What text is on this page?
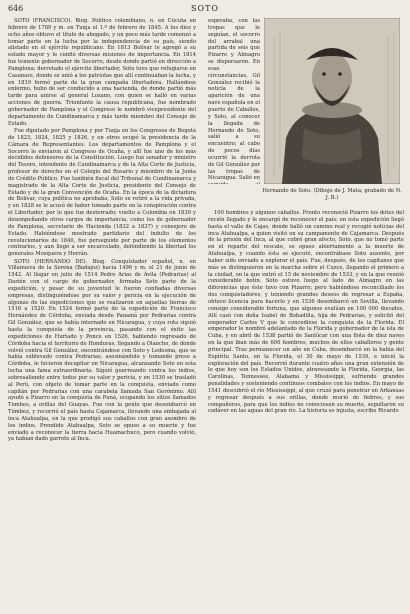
646	SOTO

SOTO (FRANCISCO). Biog. Político colombiano, n. en Cúcuta en febrero de 1789 y m. en Tunja el 1.º de febrero de 1845. A los diez y ocho años obtuvo el título de abogado, y un poco más tarde comenzó a tomar parte en la lucha por la independencia de su país, siendo alistado en el ejército republicano. En 1813 Bolívar le agregó a su estado mayor y le confió diversas misiones de importancia. En 1814 fue teniente gobernador de Socorro, desde donde partió en dirección a Pamplona; derrotado el ejército libertador, Soto tuvo que refugiarse en Casanare, donde se unió a los patriotas que allí continuaban la lucha, y en 1819 formó parte de la gran campaña libertadora. Hallándose enfermo, hubo de ser conducido a una hacienda, de donde partió más tarde para unirse al general Lozano, con quien se halló en varias acciones de guerra. Triunfante la causa republicana, fue nombrado gobernador de Pamplona y el Congreso le nombró vicepresidente del departamento de Cundinamarca y más tarde miembro del Consejo de Estado.

Fue diputado por Pamplona y por Tunja en los Congresos de Bogotá de 1823, 1824, 1825 y 1826, y en otros ocupó la presidencia de la Cámara de Representantes. Los departamentos de Pamplona y el Socorro le enviaron al Congreso de Ocaña, y allí fue uno de los más decididos defensores de la Constitución. Luego fue senador y ministro del Tesoro, intendente de Cundinamarca y de la Alta Corte de Justicia, profesor de derecho en el Colegio del Rosario y miembro de la Junta de Crédito Público. Fue también fiscal del Tribunal de Cundinamarca y magistrado de la Alta Corte de Justicia, presidente del Consejo de Estado y de la gran Convención de Ocaña. En la época de la dictadura de Bolívar, cuya política no aprobaba, Soto se retiró a la vida privada, y en 1828 se le acusó de haber tomado parte en la conspiración contra el Libertador, por lo que fue desterrado; vuelto a Colombia en 1830 y desempeñando otros cargos de importancia, como los de gobernador de Pamplona, secretario de Hacienda (1832 a 1837) y consejero de Estado. Habiéndose mostrado partidario del indulto de los revolucionarios de 1840, fue perseguido por parte de los elementos contrarios, y aun llegó a ser encarcelado, defendiendo la libertad los generales Mosquera y Herrán.

SOTO (HERNANDO DE). Biog. Conquistador español, n. en Villanueva de la Serena (Badajoz) hacia 1496 y m. el 21 de junio de 1542. Al llegar en julio de 1514 Pedro Arias de Ávila (Pedrarias) al Darién con el cargo de gobernador, formaba Soto parte de la expedición, y pesar de su juventud le fueron confiadas diversas empresas, distinguiéndose por su valor y pericia en la ejecución de algunas de las expediciones que se realizaron en aquellas tierras de 1516 a 1520. En 1524 formó parte de la expedición de Francisco Hernández de Córdoba, enviada desde Panamá por Pedrarias contra Gil González, que se había internado en Nicaragua, y cuya ruta siguió hasta la conquista de la provincia, pasando con el éxito las expediciones de Hurtado y Ponce en 1526, habiendo regresado de Córdoba hacia el territorio de Honduras, llegando a Olancho, de donde volvió contra Gil González, encontrándose con Soto y Ledesma, que se había sublevado contra Pedrarias, asesinándolo y tomando preso a Córdoba, le hicieron decapitar en Nicaragua, alcanzando Soto en esta lucha una fama extraordinaria. Siguió guerreando contra los indios, sobresaliendo entre todos por su valor y pericia, y en 1530 se trasladó al Perú, con objeto de tomar parte en la conquista, enviado como capitán por Pedrarias con una carabela llamada San Gerónimo. Allí ayudó a Pizarro en la conquista de Puná, ocupando los sitios llamados Tumbes, a orillas del Guayas. Fue con la gente que desembarcó en Túmbez, y recorrió el país hasta Cajamarca, llevando una embajada al inca Atahualpa, en la que prodigó sus caballos con gran asombro de los indios. Prendido Atahualpa, Soto se opuso a su muerte y fue enviado a reconocer la tierra hacia Huamachuco, pero cuando volvió, ya habían dado garrote al Inca.

esperaba, con las tropas que le seguían, el socorro del arrabal una partida de seis que Pizarro y Almagro se dispersaron. En esas circunstancias, Gil González recibió la noticia de la aparición de una nave española en el puerto de Caballos, y Soto, al conocer la llegada de Hernando de Soto, salió a su encuentro; al cabo de pocos días ocurrió la derrota de Gil González por las tropas de Nicaragua. Salió en
Hernando de Soto. (Dibujo de J. Mata; grabado de N. J. B.)

100 hombres y algunos caballos. Pronto reconoció Pizarro los dotes del recién llegado y le encargó de reconocer el país; en esta expedición llegó hasta el valle de Cajas, donde halló un camino real y recogió noticias del inca Atahualpa, a quien visitó en su campamento de Cajamarca. Después de la prisión del Inca, al que cobró gran afecto, Soto, que no tomó parte en el reparto del rescate, se opuso abiertamente a la muerte de Atahualpa, y cuando ésta se ejecutó, encontrábase Soto ausente, por haber sido enviado a explorar el país. Fue, después, de los capitanes que más se distinguieron en la marcha sobre el Cuzco, llegando el primero a la ciudad, en la que entró el 15 de noviembre de 1533, y en la que reunió considerable botín. Soto estuvo luego al lado de Almagro en las diferencias que éste tuvo con Pizarro; pero habiéndose reconciliado los dos conquistadores, y teniendo grandes deseos de regresar a España, obtuvo licencia para hacerlo y en 1536 desembarcó en Sevilla, llevando consigo considerable fortuna, que algunos evalúan en 100 000 ducados. Allí casó con doña Isabel de Bobadilla, hija de Pedrarias, y solicitó del emperador Carlos V que le concediese la conquista de la Florida. El emperador le nombró adelantado de la Florida y gobernador de la isla de Cuba, y en abril de 1538 partió de Sanlúcar con una flota de diez naves en la que iban más de 600 hombres, muchos de ellos caballeros y gente principal. Tras permanecer un año en Cuba, desembarcó en la bahía del Espíritu Santo, en la Florida, el 30 de mayo de 1539, e inició la exploración del país. Recorrió durante cuatro años una gran extensión de lo que hoy son los Estados Unidos, atravesando la Florida, Georgia, las Carolinas, Tennessee, Alabama y Mississippi, sufriendo grandes penalidades y sosteniendo continuos combates con los indios. En mayo de 1541 descubrió el río Mississippi, al que cruzó para penetrar en Arkansas y regresar después a sus orillas, donde murió de fiebres, y sus compañeros, para que los indios no conociesen su muerte, sepultaron su cadáver en las aguas del gran río. La historia es injusta, escribe Ricardo
